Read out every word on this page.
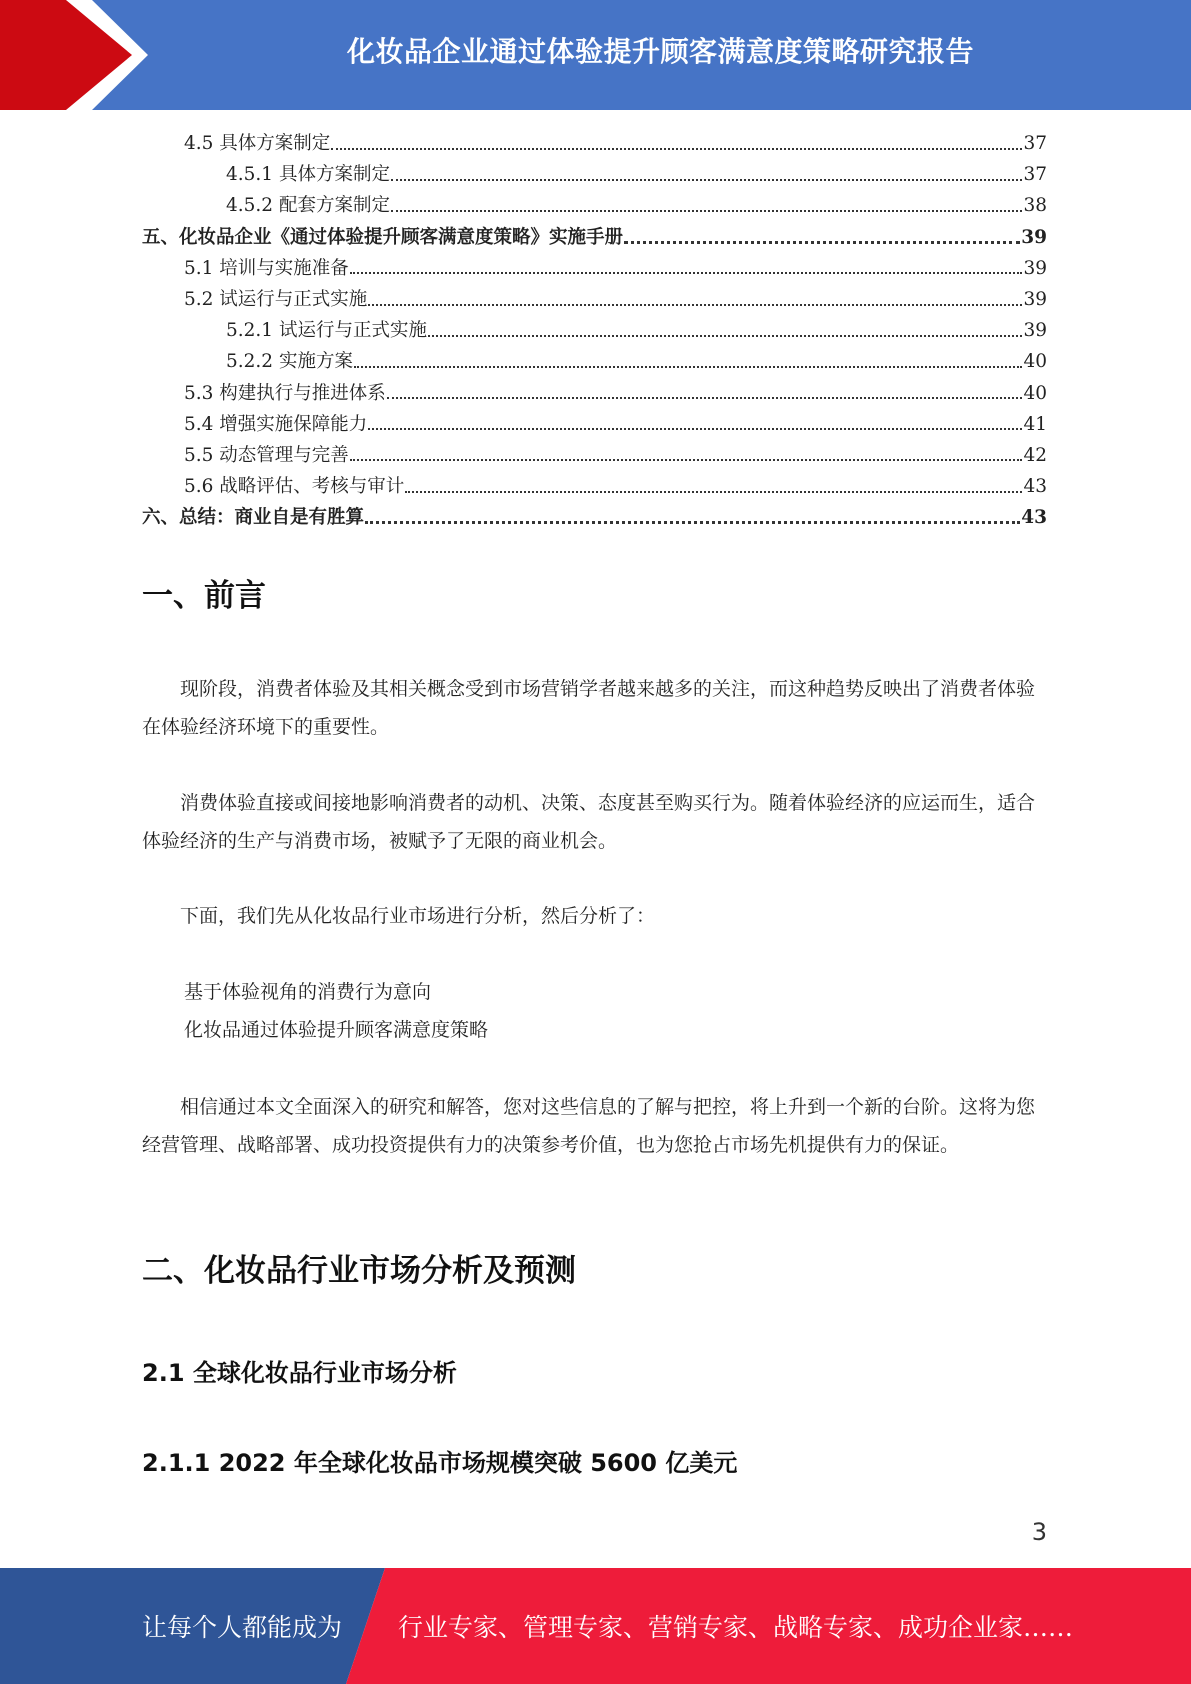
化妆品企业通过体验提升顾客满意度策略研究报告
4.5 具体方案制定	37
4.5.1 具体方案制定	37
4.5.2 配套方案制定	38
五、化妆品企业《通过体验提升顾客满意度策略》实施手册	39
5.1 培训与实施准备	39
5.2 试运行与正式实施	39
5.2.1 试运行与正式实施	39
5.2.2 实施方案	40
5.3 构建执行与推进体系	40
5.4 增强实施保障能力	41
5.5 动态管理与完善	42
5.6 战略评估、考核与审计	43
六、总结：商业自是有胜算	43
一、前言

现阶段，消费者体验及其相关概念受到市场营销学者越来越多的关注，而这种趋势反映出了消费者体验在体验经济环境下的重要性。

消费体验直接或间接地影响消费者的动机、决策、态度甚至购买行为。随着体验经济的应运而生，适合体验经济的生产与消费市场，被赋予了无限的商业机会。

下面，我们先从化妆品行业市场进行分析，然后分析了：

基于体验视角的消费行为意向

化妆品通过体验提升顾客满意度策略

相信通过本文全面深入的研究和解答，您对这些信息的了解与把控，将上升到一个新的台阶。这将为您经营管理、战略部署、成功投资提供有力的决策参考价值，也为您抢占市场先机提供有力的保证。

二、化妆品行业市场分析及预测
2.1 全球化妆品行业市场分析
2.1.1 2022 年全球化妆品市场规模突破 5600 亿美元
3
让每个人都能成为 行业专家、管理专家、营销专家、战略专家、成功企业家……
